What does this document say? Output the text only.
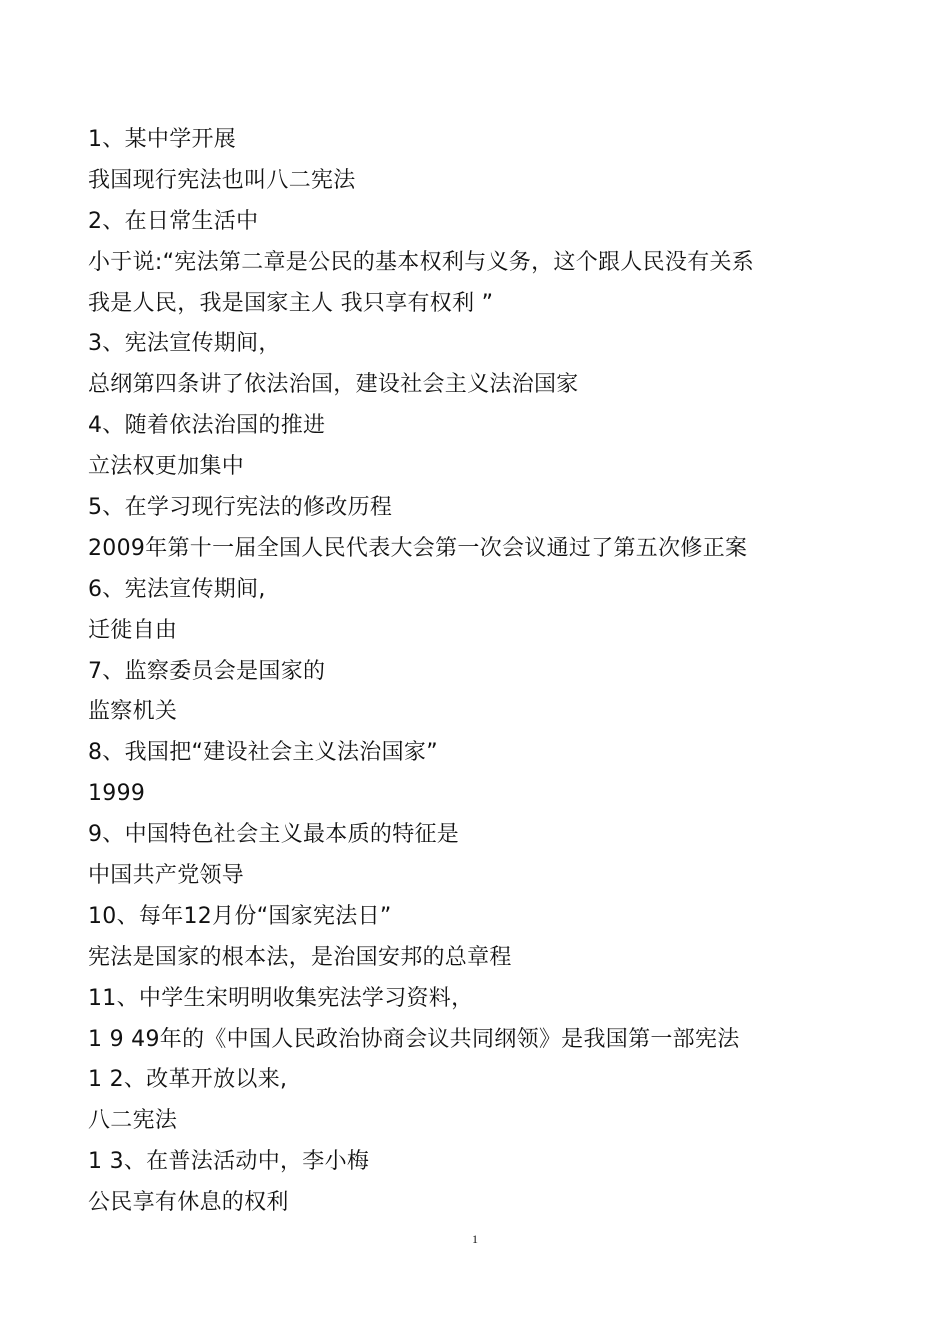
1、某中学开展
我国现行宪法也叫八二宪法
2、在日常生活中
小于说:“宪法第二章是公民的基本权利与义务，这个跟人民没有关系
我是人民，我是国家主人 我只享有权利 ”
3、宪法宣传期间，
总纲第四条讲了依法治国，建设社会主义法治国家
4、随着依法治国的推进
立法权更加集中
5、在学习现行宪法的修改历程
2009年第十一届全国人民代表大会第一次会议通过了第五次修正案
6、宪法宣传期间,
迁徙自由
7、监察委员会是国家的
监察机关
8、我国把“建设社会主义法治国家”
1999
9、中国特色社会主义最本质的特征是
中国共产党领导
10、每年12月份“国家宪法日”
宪法是国家的根本法，是治国安邦的总章程
11、中学生宋明明收集宪法学习资料，
1 9 49年的《中国人民政治协商会议共同纲领》是我国第一部宪法
1 2、改革开放以来,
八二宪法
1 3、在普法活动中，李小梅
公民享有休息的权利
1
